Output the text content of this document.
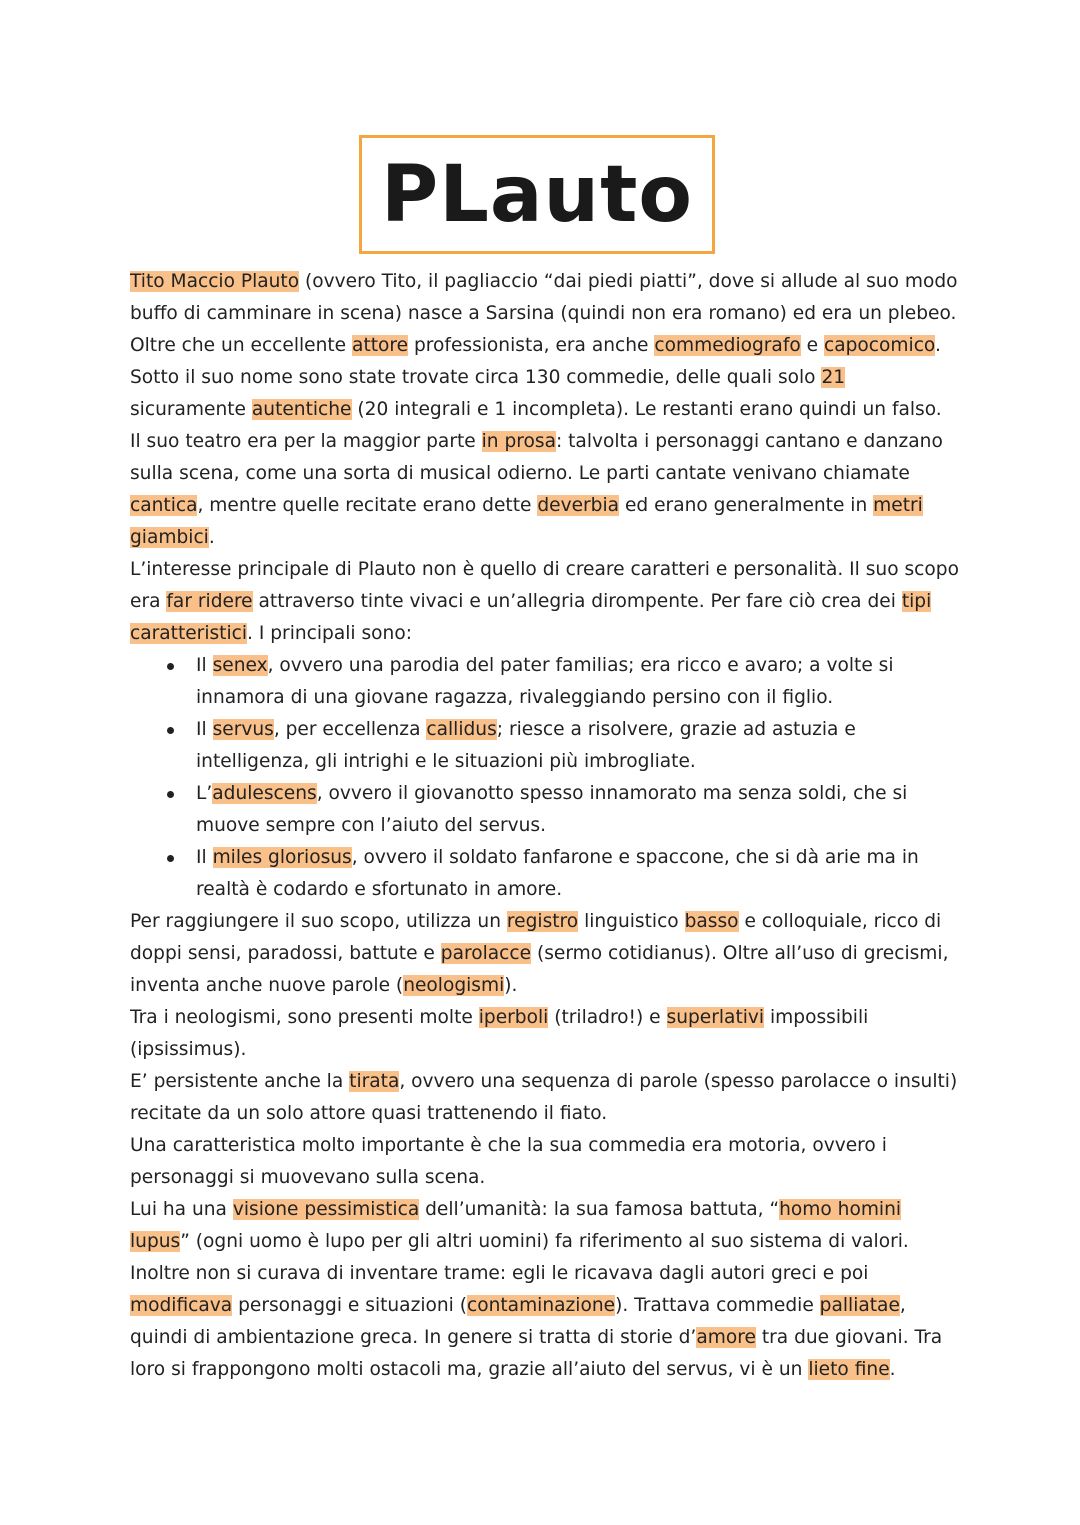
PLauto

Tito Maccio Plauto (ovvero Tito, il pagliaccio “dai piedi piatti”, dove si allude al suo modo buffo di camminare in scena) nasce a Sarsina (quindi non era romano) ed era un plebeo. Oltre che un eccellente attore professionista, era anche commediografo e capocomico.

Sotto il suo nome sono state trovate circa 130 commedie, delle quali solo 21 sicuramente autentiche (20 integrali e 1 incompleta). Le restanti erano quindi un falso.

Il suo teatro era per la maggior parte in prosa: talvolta i personaggi cantano e danzano sulla scena, come una sorta di musical odierno. Le parti cantate venivano chiamate cantica, mentre quelle recitate erano dette deverbia ed erano generalmente in metri giambici.

L’interesse principale di Plauto non è quello di creare caratteri e personalità. Il suo scopo era far ridere attraverso tinte vivaci e un’allegria dirompente. Per fare ciò crea dei tipi caratteristici. I principali sono:

Il senex, ovvero una parodia del pater familias; era ricco e avaro; a volte si innamora di una giovane ragazza, rivaleggiando persino con il figlio.
Il servus, per eccellenza callidus; riesce a risolvere, grazie ad astuzia e intelligenza, gli intrighi e le situazioni più imbrogliate.
L’adulescens, ovvero il giovanotto spesso innamorato ma senza soldi, che si muove sempre con l’aiuto del servus.
Il miles gloriosus, ovvero il soldato fanfarone e spaccone, che si dà arie ma in realtà è codardo e sfortunato in amore.

Per raggiungere il suo scopo, utilizza un registro linguistico basso e colloquiale, ricco di doppi sensi, paradossi, battute e parolacce (sermo cotidianus). Oltre all’uso di grecismi, inventa anche nuove parole (neologismi).

Tra i neologismi, sono presenti molte iperboli (triladro!) e superlativi impossibili (ipsissimus).

E’ persistente anche la tirata, ovvero una sequenza di parole (spesso parolacce o insulti) recitate da un solo attore quasi trattenendo il fiato.

Una caratteristica molto importante è che la sua commedia era motoria, ovvero i personaggi si muovevano sulla scena.

Lui ha una visione pessimistica dell’umanità: la sua famosa battuta, “homo homini lupus” (ogni uomo è lupo per gli altri uomini) fa riferimento al suo sistema di valori.

Inoltre non si curava di inventare trame: egli le ricavava dagli autori greci e poi modificava personaggi e situazioni (contaminazione). Trattava commedie palliatae, quindi di ambientazione greca. In genere si tratta di storie d’amore tra due giovani. Tra loro si frappongono molti ostacoli ma, grazie all’aiuto del servus, vi è un lieto fine.
